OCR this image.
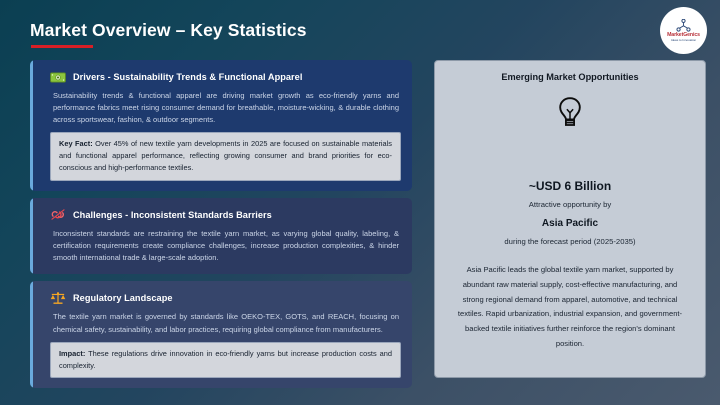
Market Overview – Key Statistics	MarketGenics
Ideas to Innovation
Drivers - Sustainability Trends & Functional Apparel
Sustainability trends & functional apparel are driving market growth as eco-friendly yarns and performance fabrics meet rising consumer demand for breathable, moisture-wicking, & durable clothing across sportswear, fashion, & outdoor segments.
Key Fact: Over 45% of new textile yarn developments in 2025 are focused on sustainable materials and functional apparel performance, reflecting growing consumer and brand priorities for eco-conscious and high-performance textiles.
Challenges - Inconsistent Standards Barriers
Inconsistent standards are restraining the textile yarn market, as varying global quality, labeling, & certification requirements create compliance challenges, increase production complexities, & hinder smooth international trade & large-scale adoption.
Regulatory Landscape
The textile yarn market is governed by standards like OEKO-TEX, GOTS, and REACH, focusing on chemical safety, sustainability, and labor practices, requiring global compliance from manufacturers.
Impact: These regulations drive innovation in eco-friendly yarns but increase production costs and complexity.
Emerging Market Opportunities
~USD 6 Billion
Attractive opportunity by
Asia Pacific
during the forecast period (2025-2035)
Asia Pacific leads the global textile yarn market, supported by abundant raw material supply, cost-effective manufacturing, and strong regional demand from apparel, automotive, and technical textiles. Rapid urbanization, industrial expansion, and government-backed textile initiatives further reinforce the region's dominant position.
